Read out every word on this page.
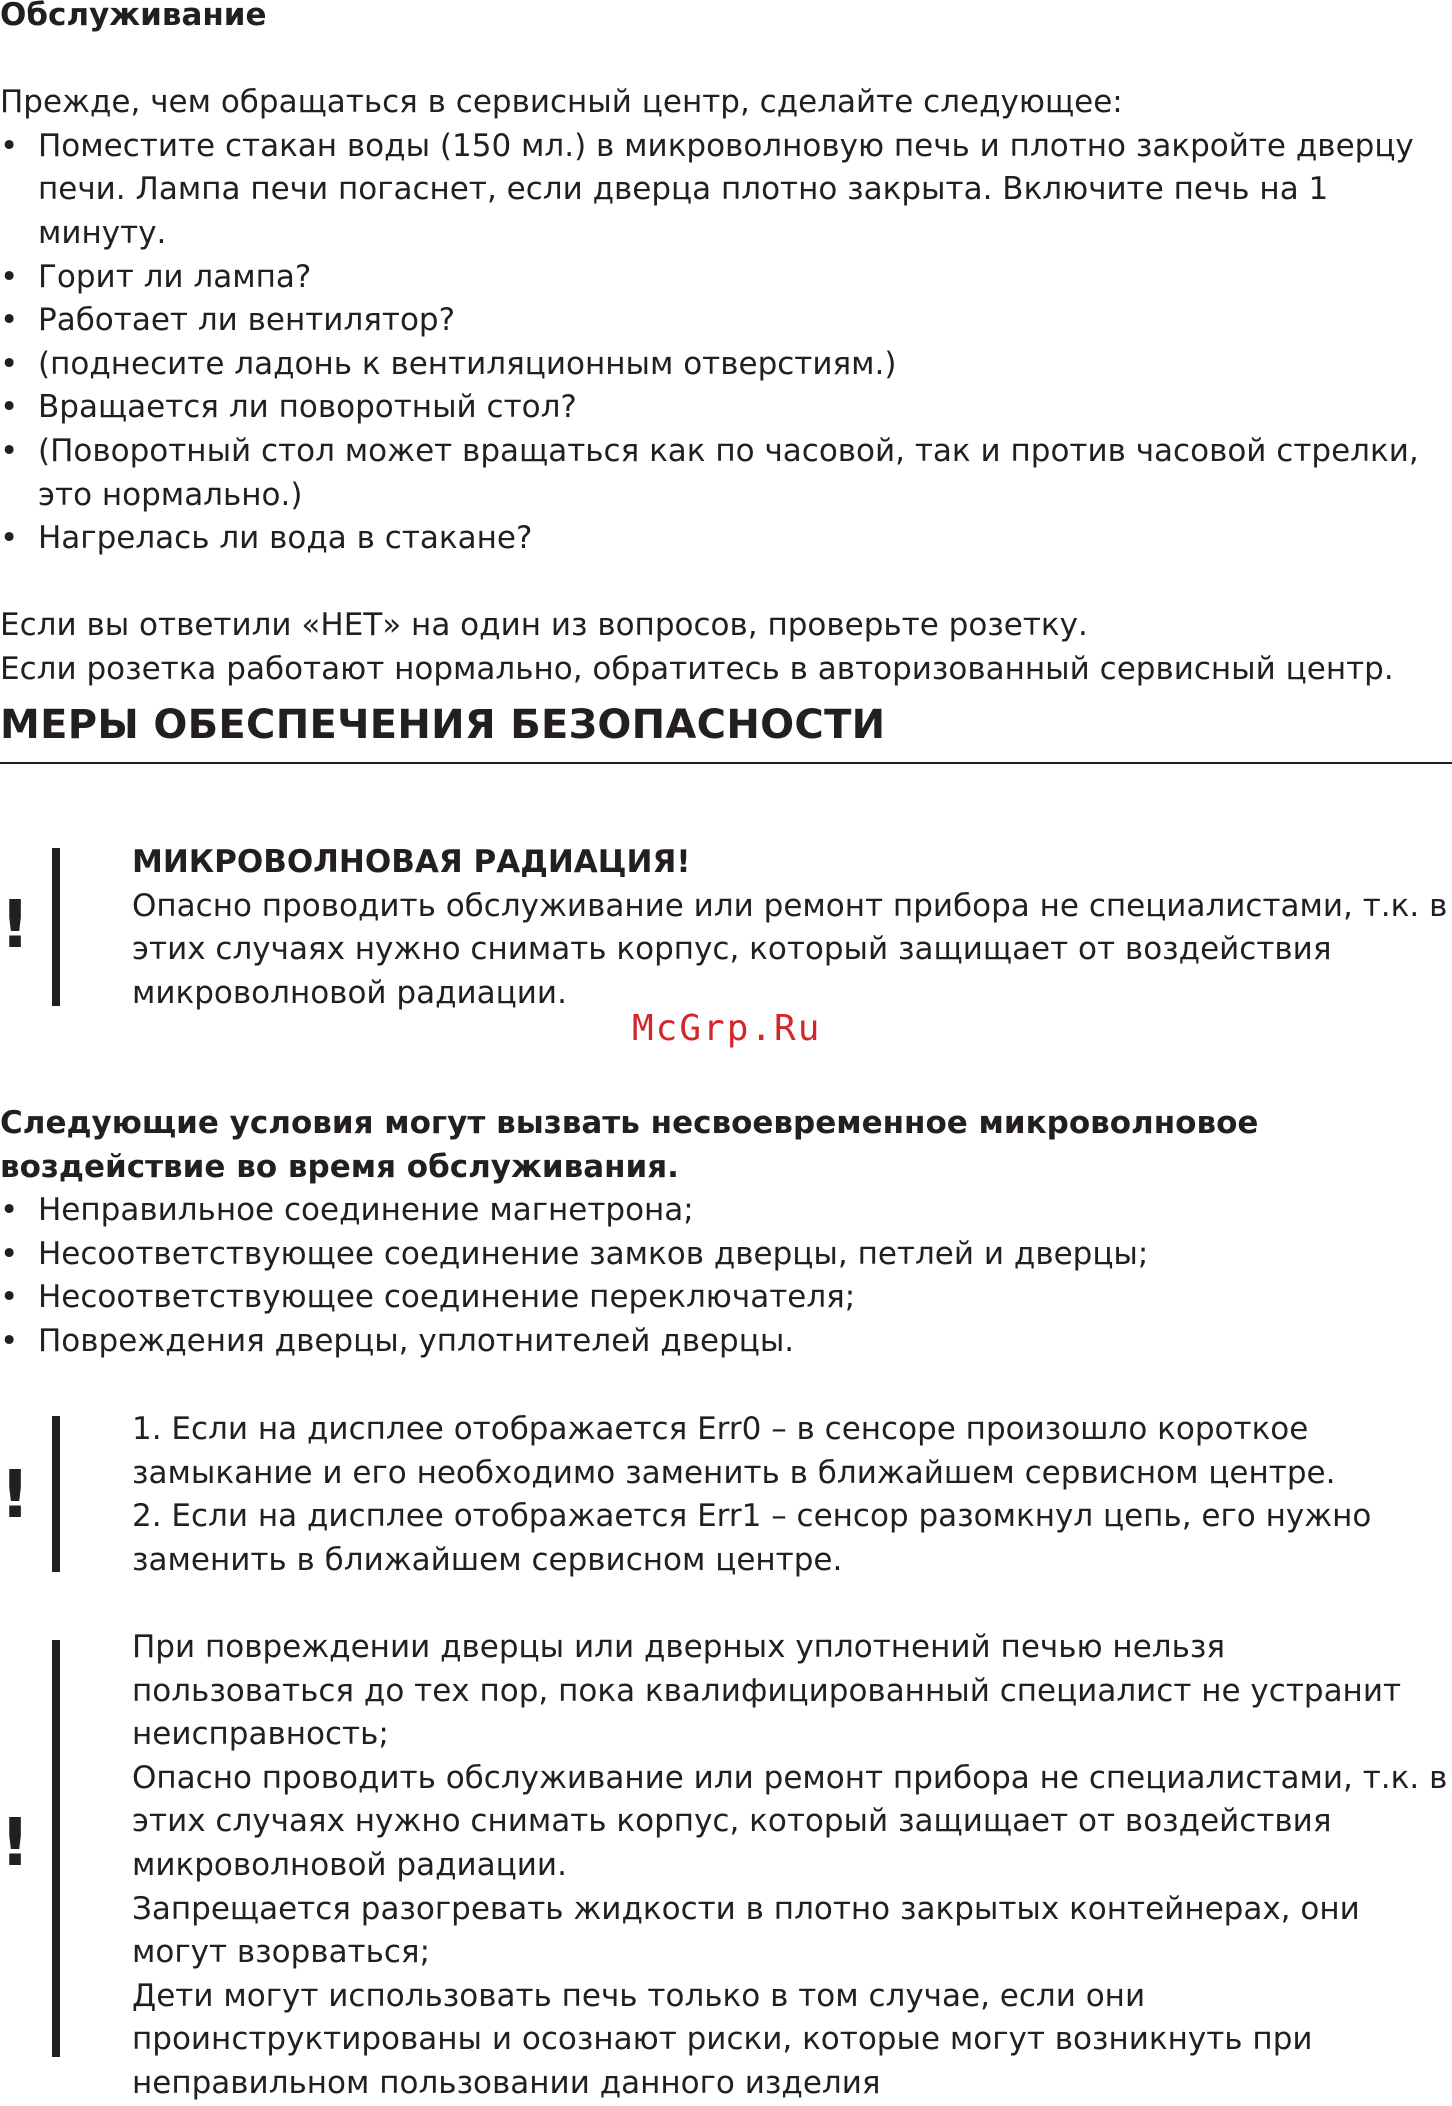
Обслуживание

Прежде, чем обращаться в сервисный центр, сделайте следующее:

• Поместите стакан воды (150 мл.) в микроволновую печь и плотно закройте дверцу печи. Лампа печи погаснет, если дверца плотно закрыта. Включите печь на 1 минуту.
• Горит ли лампа?
• Работает ли вентилятор?
• (поднесите ладонь к вентиляционным отверстиям.)
• Вращается ли поворотный стол?
• (Поворотный стол может вращаться как по часовой, так и против часовой стрелки, это нормально.)
• Нагрелась ли вода в стакане?

Если вы ответили «НЕТ» на один из вопросов, проверьте розетку.

Если розетка работают нормально, обратитесь в авторизованный сервисный центр.

МЕРЫ ОБЕСПЕЧЕНИЯ БЕЗОПАСНОСТИ
!

МИКРОВОЛНОВАЯ РАДИАЦИЯ!

Опасно проводить обслуживание или ремонт прибора не специалистами, т.к. в этих случаях нужно снимать корпус, который защищает от воздействия микроволновой радиации.

McGrp.Ru

Следующие условия могут вызвать несвоевременное микроволновое воздействие во время обслуживания.

• Неправильное соединение магнетрона;
• Несоответствующее соединение замков дверцы, петлей и дверцы;
• Несоответствующее соединение переключателя;
• Повреждения дверцы, уплотнителей дверцы.
!

1. Если на дисплее отображается Err0 – в сенсоре произошло короткое замыкание и его необходимо заменить в ближайшем сервисном центре.

2. Если на дисплее отображается Err1 – сенсор разомкнул цепь, его нужно заменить в ближайшем сервисном центре.

!

При повреждении дверцы или дверных уплотнений печью нельзя пользоваться до тех пор, пока квалифицированный специалист не устранит неисправность;

Опасно проводить обслуживание или ремонт прибора не специалистами, т.к. в этих случаях нужно снимать корпус, который защищает от воздействия микроволновой радиации.

Запрещается разогревать жидкости в плотно закрытых контейнерах, они могут взорваться;

Дети могут использовать печь только в том случае, если они проинструктированы и осознают риски, которые могут возникнуть при неправильном пользовании данного изделия
